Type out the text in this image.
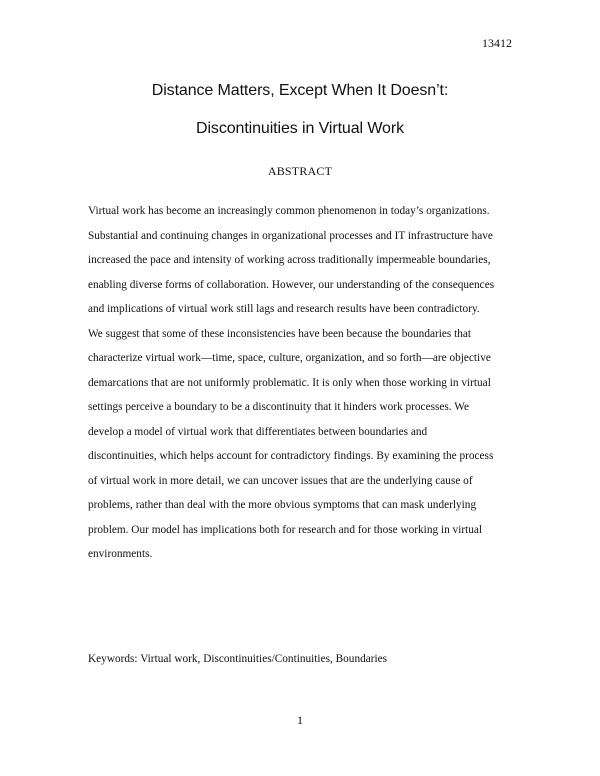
13412
Distance Matters, Except When It Doesn’t:
Discontinuities in Virtual Work
ABSTRACT

Virtual work has become an increasingly common phenomenon in today’s organizations.
Substantial and continuing changes in organizational processes and IT infrastructure have
increased the pace and intensity of working across traditionally impermeable boundaries,
enabling diverse forms of collaboration. However, our understanding of the consequences
and implications of virtual work still lags and research results have been contradictory.
We suggest that some of these inconsistencies have been because the boundaries that
characterize virtual work—time, space, culture, organization, and so forth—are objective
demarcations that are not uniformly problematic. It is only when those working in virtual
settings perceive a boundary to be a discontinuity that it hinders work processes. We
develop a model of virtual work that differentiates between boundaries and
discontinuities, which helps account for contradictory findings. By examining the process
of virtual work in more detail, we can uncover issues that are the underlying cause of
problems, rather than deal with the more obvious symptoms that can mask underlying
problem. Our model has implications both for research and for those working in virtual
environments.

Keywords: Virtual work, Discontinuities/Continuities, Boundaries
1
